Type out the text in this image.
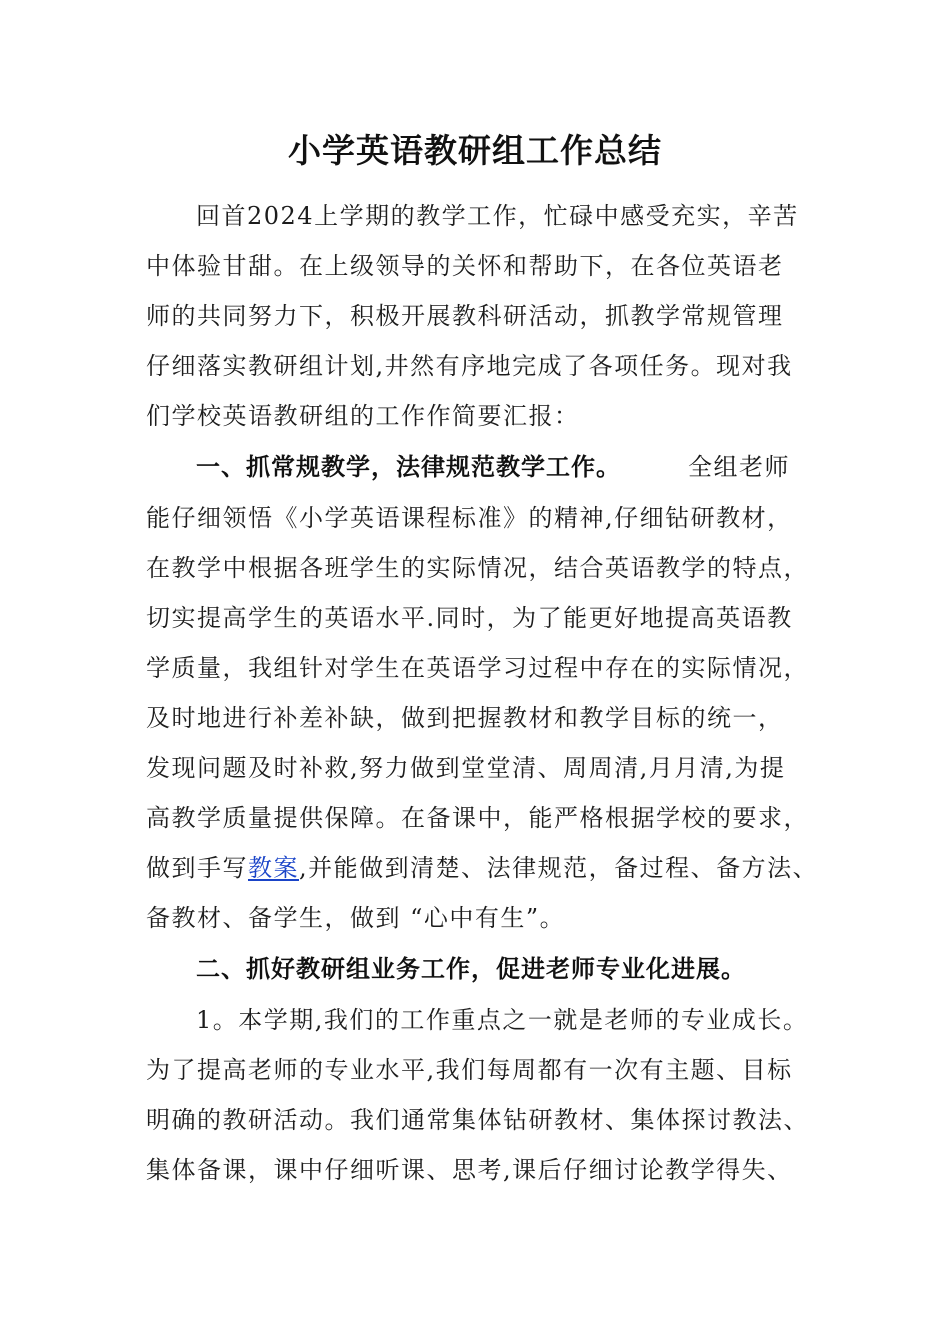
小学英语教研组工作总结
回首2024上学期的教学工作，忙碌中感受充实，辛苦
中体验甘甜。在上级领导的关怀和帮助下，在各位英语老
师的共同努力下，积极开展教科研活动，抓教学常规管理
仔细落实教研组计划,井然有序地完成了各项任务。现对我
们学校英语教研组的工作作简要汇报：
一、抓常规教学，法律规范教学工作。	全组老师
能仔细领悟《小学英语课程标准》的精神,仔细钻研教材，
在教学中根据各班学生的实际情况，结合英语教学的特点，
切实提高学生的英语水平.同时，为了能更好地提高英语教
学质量，我组针对学生在英语学习过程中存在的实际情况，
及时地进行补差补缺，做到把握教材和教学目标的统一，
发现问题及时补救,努力做到堂堂清、周周清,月月清,为提
高教学质量提供保障。在备课中，能严格根据学校的要求，
做到手写教案,并能做到清楚、法律规范，备过程、备方法、
备教材、备学生，做到 “心中有生”。
二、抓好教研组业务工作，促进老师专业化进展。
1。本学期,我们的工作重点之一就是老师的专业成长。
为了提高老师的专业水平,我们每周都有一次有主题、目标
明确的教研活动。我们通常集体钻研教材、集体探讨教法、
集体备课，课中仔细听课、思考,课后仔细讨论教学得失、
